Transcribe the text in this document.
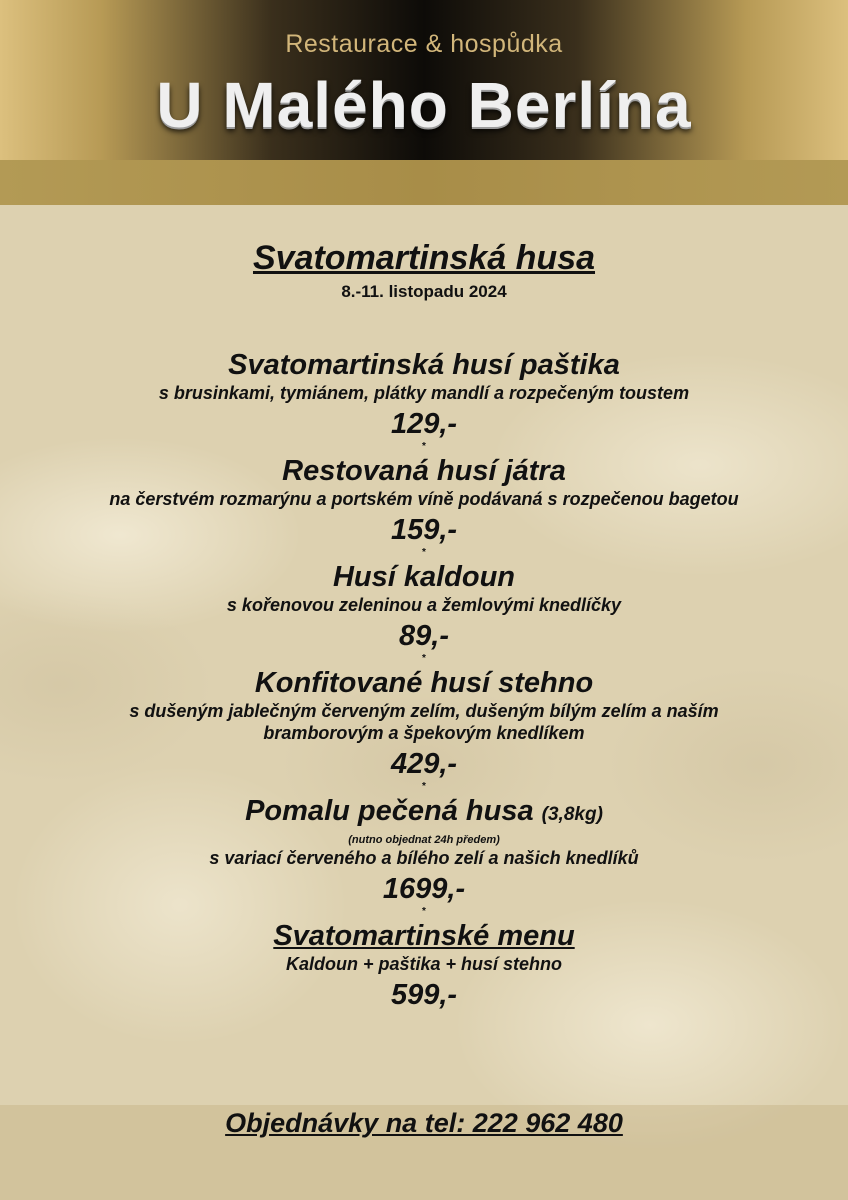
Restaurace & hospůdka
U Malého Berlína
Svatomartinská husa
8.-11. listopadu 2024
Svatomartinská husí paštika
s brusinkami, tymiánem, plátky mandlí a rozpečeným toustem
129,-
*
Restovaná husí játra
na čerstvém rozmarýnu a portském víně podávaná s rozpečenou bagetou
159,-
*
Husí kaldoun
s kořenovou zeleninou a žemlovými knedlíčky
89,-
*
Konfitované husí stehno
s dušeným jablečným červeným zelím, dušeným bílým zelím a naším
bramborovým a špekovým knedlíkem
429,-
*
Pomalu pečená husa (3,8kg)
(nutno objednat 24h předem)
s variací červeného a bílého zelí a našich knedlíků
1699,-
*
Svatomartinské menu
Kaldoun + paštika + husí stehno
599,-
Objednávky na tel: 222 962 480
